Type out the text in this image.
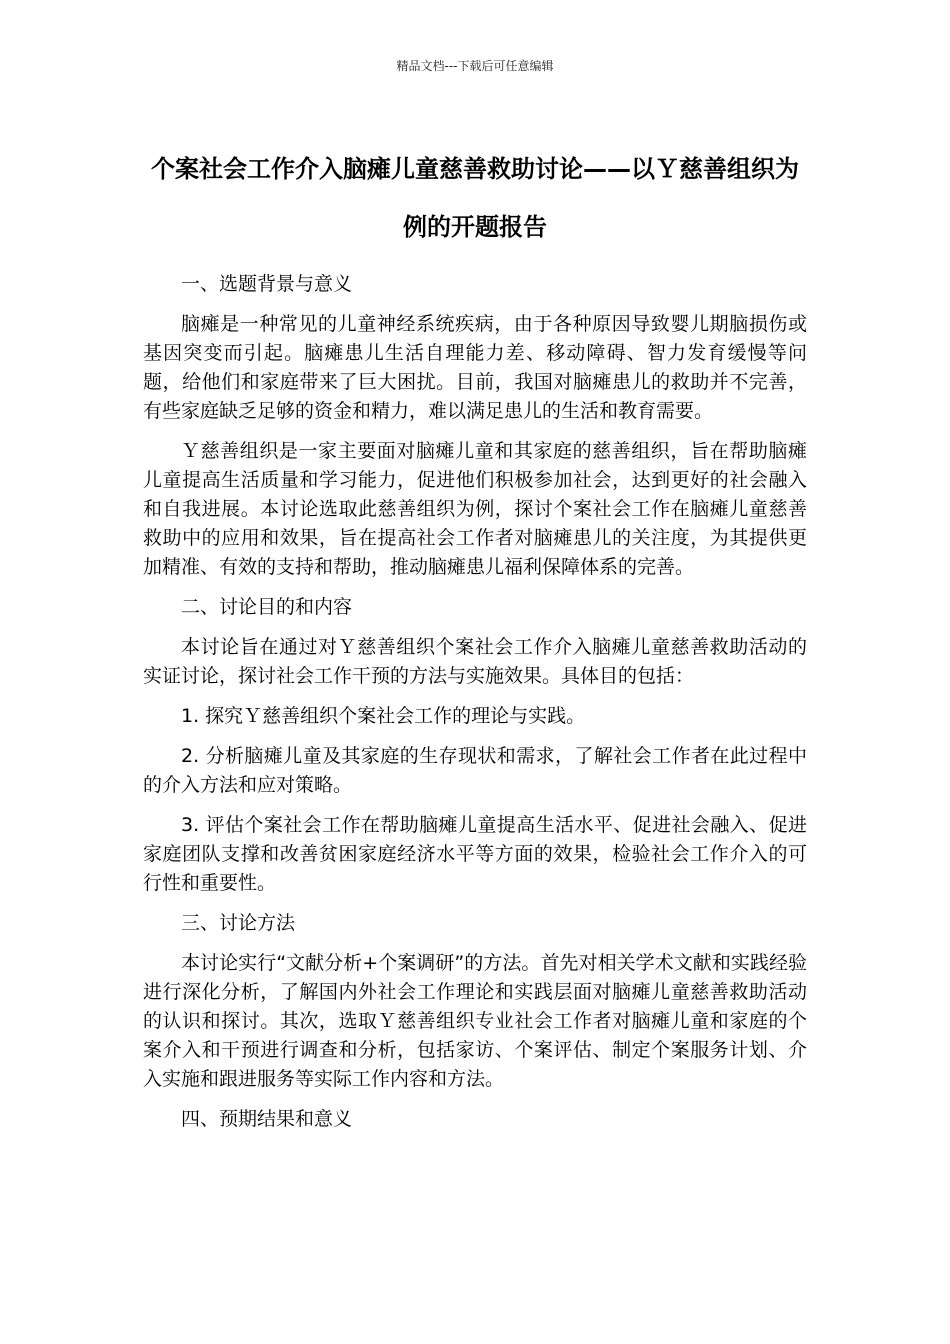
精品文档---下载后可任意编辑
个案社会工作介入脑瘫儿童慈善救助讨论——以Ｙ慈善组织为例的开题报告

一、选题背景与意义

脑瘫是一种常见的儿童神经系统疾病，由于各种原因导致婴儿期脑损伤或基因突变而引起。脑瘫患儿生活自理能力差、移动障碍、智力发育缓慢等问题，给他们和家庭带来了巨大困扰。目前，我国对脑瘫患儿的救助并不完善，有些家庭缺乏足够的资金和精力，难以满足患儿的生活和教育需要。

Ｙ慈善组织是一家主要面对脑瘫儿童和其家庭的慈善组织，旨在帮助脑瘫儿童提高生活质量和学习能力，促进他们积极参加社会，达到更好的社会融入和自我进展。本讨论选取此慈善组织为例，探讨个案社会工作在脑瘫儿童慈善救助中的应用和效果，旨在提高社会工作者对脑瘫患儿的关注度，为其提供更加精准、有效的支持和帮助，推动脑瘫患儿福利保障体系的完善。

二、讨论目的和内容

本讨论旨在通过对Ｙ慈善组织个案社会工作介入脑瘫儿童慈善救助活动的实证讨论，探讨社会工作干预的方法与实施效果。具体目的包括：

1. 探究Ｙ慈善组织个案社会工作的理论与实践。

2. 分析脑瘫儿童及其家庭的生存现状和需求，了解社会工作者在此过程中的介入方法和应对策略。

3. 评估个案社会工作在帮助脑瘫儿童提高生活水平、促进社会融入、促进家庭团队支撑和改善贫困家庭经济水平等方面的效果，检验社会工作介入的可行性和重要性。

三、讨论方法

本讨论实行“文献分析+个案调研”的方法。首先对相关学术文献和实践经验进行深化分析，了解国内外社会工作理论和实践层面对脑瘫儿童慈善救助活动的认识和探讨。其次，选取Ｙ慈善组织专业社会工作者对脑瘫儿童和家庭的个案介入和干预进行调查和分析，包括家访、个案评估、制定个案服务计划、介入实施和跟进服务等实际工作内容和方法。

四、预期结果和意义
